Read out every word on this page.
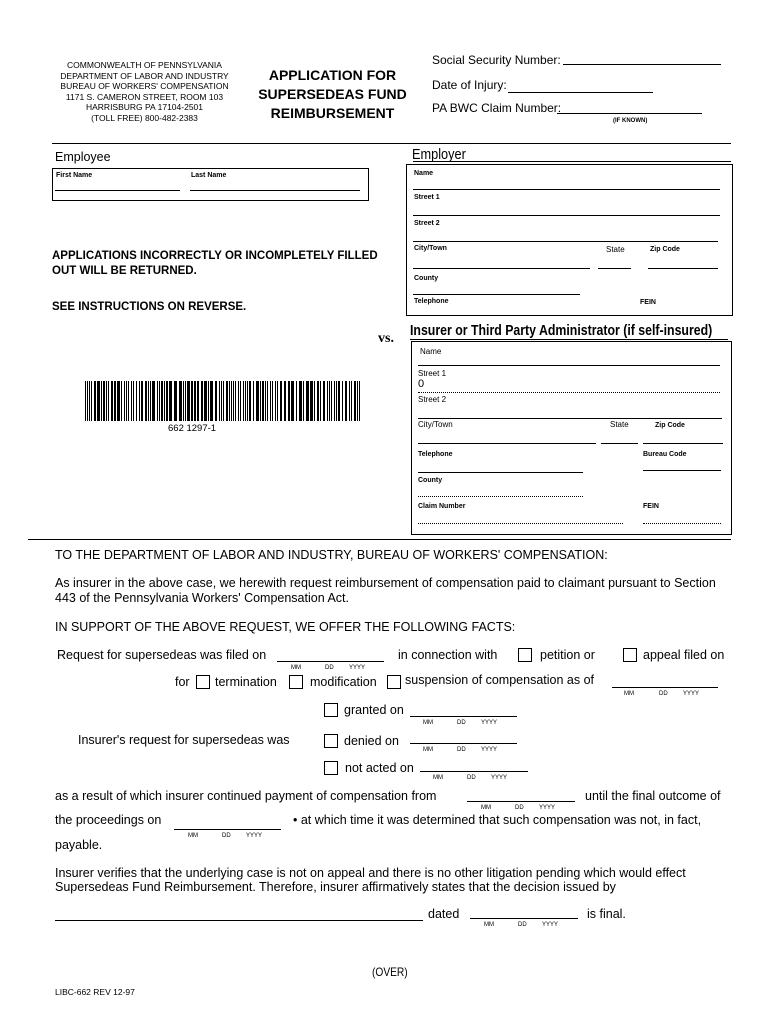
COMMONWEALTH OF PENNSYLVANIA
DEPARTMENT OF LABOR AND INDUSTRY
BUREAU OF WORKERS' COMPENSATION
1171 S. CAMERON STREET, ROOM 103
HARRISBURG PA 17104-2501
(TOLL FREE) 800-482-2383
APPLICATION FOR
SUPERSEDEAS FUND
REIMBURSEMENT
Social Security Number:
Date of Injury:
PA BWC Claim Number:
(IF KNOWN)
Employee
First Name	Last Name
Employer
Name
Street 1
Street 2
City/Town	State	Zip Code
County
Telephone	FEIN
APPLICATIONS INCORRECTLY OR INCOMPLETELY FILLED OUT WILL BE RETURNED.
SEE INSTRUCTIONS ON REVERSE.
vs. Insurer or Third Party Administrator (if self-insured)
Name
Street 1
0
Street 2
City/Town	State	Zip Code
Telephone	Bureau Code
County
Claim Number	FEIN
662 1297-1
TO THE DEPARTMENT OF LABOR AND INDUSTRY, BUREAU OF WORKERS' COMPENSATION:
As insurer in the above case, we herewith request reimbursement of compensation paid to claimant pursuant to Section 443 of the Pennsylvania Workers' Compensation Act.
IN SUPPORT OF THE ABOVE REQUEST, WE OFFER THE FOLLOWING FACTS:
Request for supersedeas was filed on
MM	DD	YYYY
in connection with	petition or	appeal filed on
for termination	modification suspension of compensation as of
MM	DD	YYYY
granted on
MM	DD	YYYY
Insurer's request for supersedeas was	denied on
MM	DD	YYYY
not acted on
MM	DD	YYYY
as a result of which insurer continued payment of compensation from
MM	DD	YYYY
until the final outcome of
the proceedings on
MM	DD	YYYY
• at which time it was determined that such compensation was not, in fact,
payable.
Insurer verifies that the underlying case is not on appeal and there is no other litigation pending which would effect Supersedeas Fund Reimbursement. Therefore, insurer affirmatively states that the decision issued by
dated
MM	DD	YYYY
is final.
(OVER)
LIBC-662 REV 12-97
